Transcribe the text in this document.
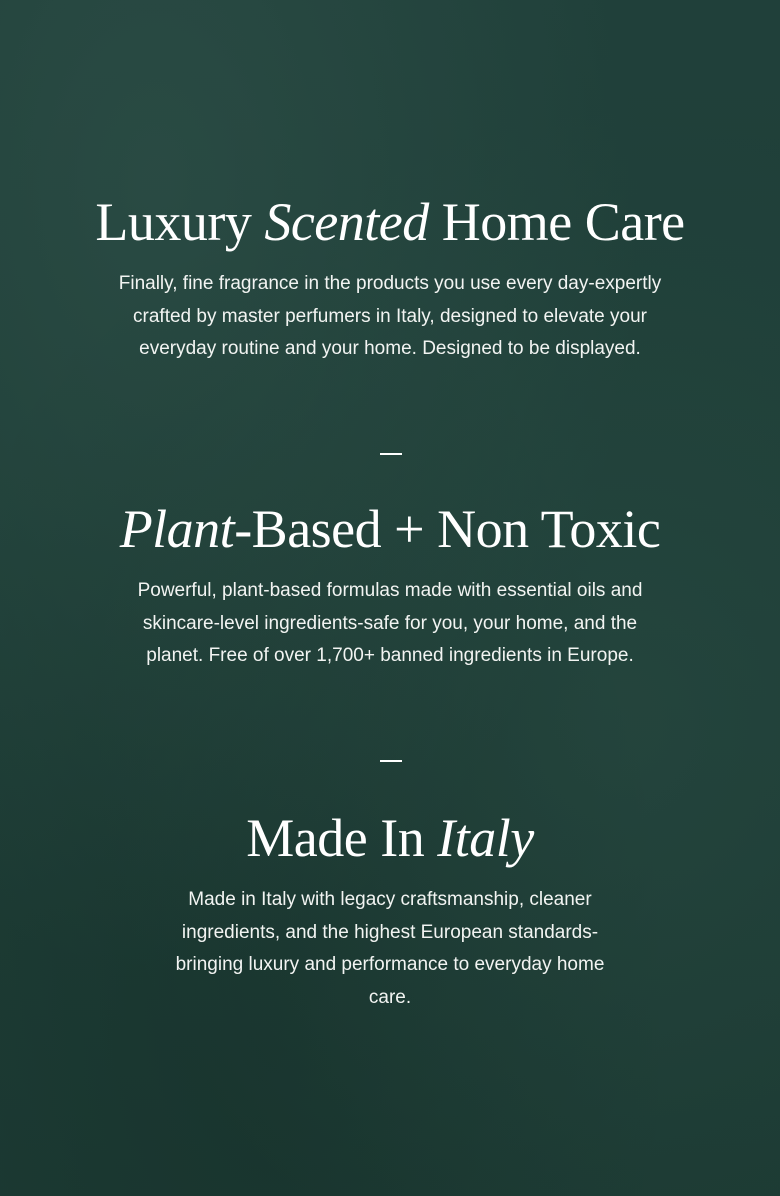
Luxury Scented Home Care

Finally, fine fragrance in the products you use every day-expertly crafted by master perfumers in Italy, designed to elevate your everyday routine and your home. Designed to be displayed.

Plant-Based + Non Toxic

Powerful, plant-based formulas made with essential oils and skincare-level ingredients-safe for you, your home, and the planet. Free of over 1,700+ banned ingredients in Europe.

Made In Italy

Made in Italy with legacy craftsmanship, cleaner ingredients, and the highest European standards-bringing luxury and performance to everyday home care.
